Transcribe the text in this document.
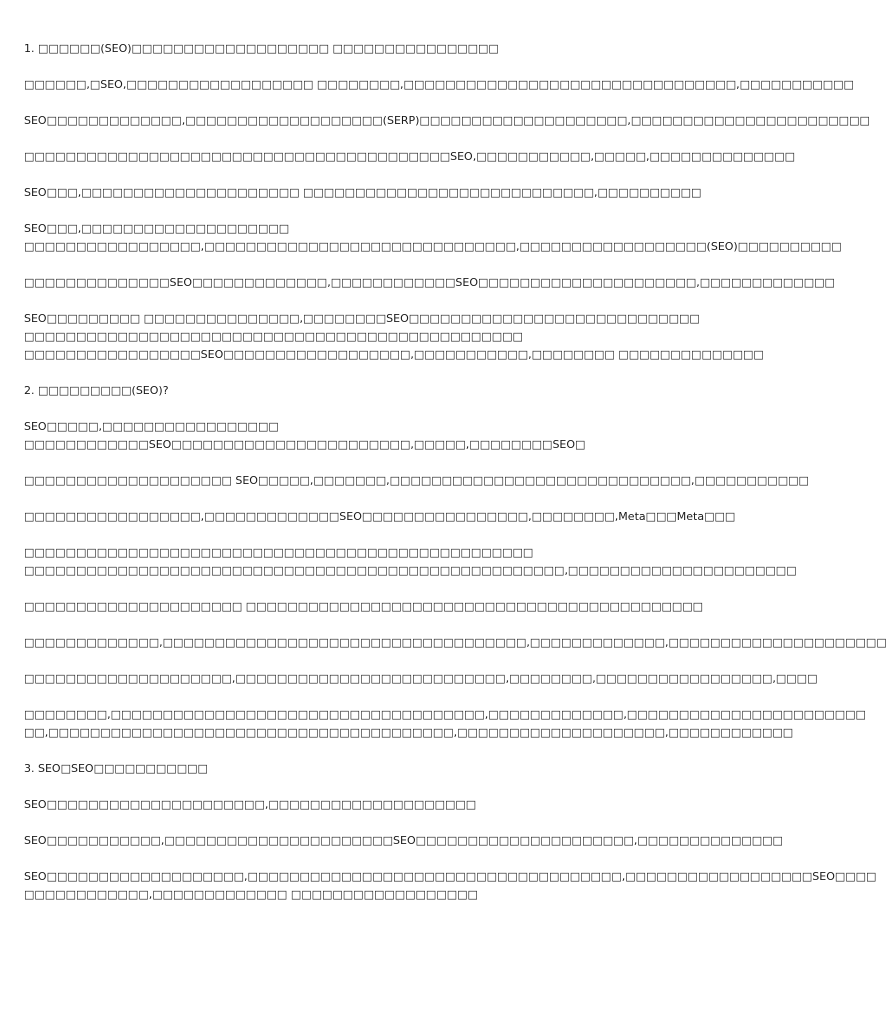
1. □□□□□□(SEO)□□□□□□□□□□□□□□□□□□□ □□□□□□□□□□□□□□□□
□□□□□□,□SEO,□□□□□□□□□□□□□□□□□□ □□□□□□□□,□□□□□□□□□□□□□□□□□□□□□□□□□□□□□□□□,□□□□□□□□□□□
SEO□□□□□□□□□□□□□,□□□□□□□□□□□□□□□□□□□(SERP)□□□□□□□□□□□□□□□□□□□□,□□□□□□□□□□□□□□□□□□□□□□□
□□□□□□□□□□□□□□□□□□□□□□□□□□□□□□□□□□□□□□□□□SEO,□□□□□□□□□□□,□□□□□,□□□□□□□□□□□□□□
SEO□□□,□□□□□□□□□□□□□□□□□□□□□ □□□□□□□□□□□□□□□□□□□□□□□□□□□□,□□□□□□□□□□
SEO□□□,□□□□□□□□□□□□□□□□□□□□
□□□□□□□□□□□□□□□□□,□□□□□□□□□□□□□□□□□□□□□□□□□□□□□□,□□□□□□□□□□□□□□□□□□(SEO)□□□□□□□□□□
□□□□□□□□□□□□□□SEO□□□□□□□□□□□□□,□□□□□□□□□□□□SEO□□□□□□□□□□□□□□□□□□□□□,□□□□□□□□□□□□□
SEO□□□□□□□□□ □□□□□□□□□□□□□□□,□□□□□□□□SEO□□□□□□□□□□□□□□□□□□□□□□□□□□□□
□□□□□□□□□□□□□□□□□□□□□□□□□□□□□□□□□□□□□□□□□□□□□□□□
□□□□□□□□□□□□□□□□□SEO□□□□□□□□□□□□□□□□□□,□□□□□□□□□□□,□□□□□□□□ □□□□□□□□□□□□□□
2. □□□□□□□□□(SEO)?
SEO□□□□□,□□□□□□□□□□□□□□□□□
□□□□□□□□□□□□SEO□□□□□□□□□□□□□□□□□□□□□□□,□□□□□,□□□□□□□□SEO□
□□□□□□□□□□□□□□□□□□□□ SEO□□□□□,□□□□□□□,□□□□□□□□□□□□□□□□□□□□□□□□□□□□□,□□□□□□□□□□□
□□□□□□□□□□□□□□□□□,□□□□□□□□□□□□□SEO□□□□□□□□□□□□□□□□,□□□□□□□□,Meta□□□Meta□□□
□□□□□□□□□□□□□□□□□□□□□□□□□□□□□□□□□□□□□□□□□□□□□□□□□
□□□□□□□□□□□□□□□□□□□□□□□□□□□□□□□□□□□□□□□□□□□□□□□□□□□□,□□□□□□□□□□□□□□□□□□□□□□
□□□□□□□□□□□□□□□□□□□□□ □□□□□□□□□□□□□□□□□□□□□□□□□□□□□□□□□□□□□□□□□□□□
□□□□□□□□□□□□□,□□□□□□□□□□□□□□□□□□□□□□□□□□□□□□□□□□□,□□□□□□□□□□□□□,□□□□□□□□□□□□□□□□□□□□□
□□□□□□□□□□□□□□□□□□□□,□□□□□□□□□□□□□□□□□□□□□□□□□□,□□□□□□□□,□□□□□□□□□□□□□□□□□,□□□□
□□□□□□□□,□□□□□□□□□□□□□□□□□□□□□□□□□□□□□□□□□□□□,□□□□□□□□□□□□□,□□□□□□□□□□□□□□□□□□□□□□□
□□,□□□□□□□□□□□□□□□□□□□□□□□□□□□□□□□□□□□□□□□,□□□□□□□□□□□□□□□□□□□□,□□□□□□□□□□□□
3. SEO□SEO□□□□□□□□□□□
SEO□□□□□□□□□□□□□□□□□□□□□,□□□□□□□□□□□□□□□□□□□□
SEO□□□□□□□□□□□,□□□□□□□□□□□□□□□□□□□□□□SEO□□□□□□□□□□□□□□□□□□□□□,□□□□□□□□□□□□□□
SEO□□□□□□□□□□□□□□□□□□□,□□□□□□□□□□□□□□□□□□□□□□□□□□□□□□□□□□□□,□□□□□□□□□□□□□□□□□□SEO□□□□
□□□□□□□□□□□□,□□□□□□□□□□□□□ □□□□□□□□□□□□□□□□□□
